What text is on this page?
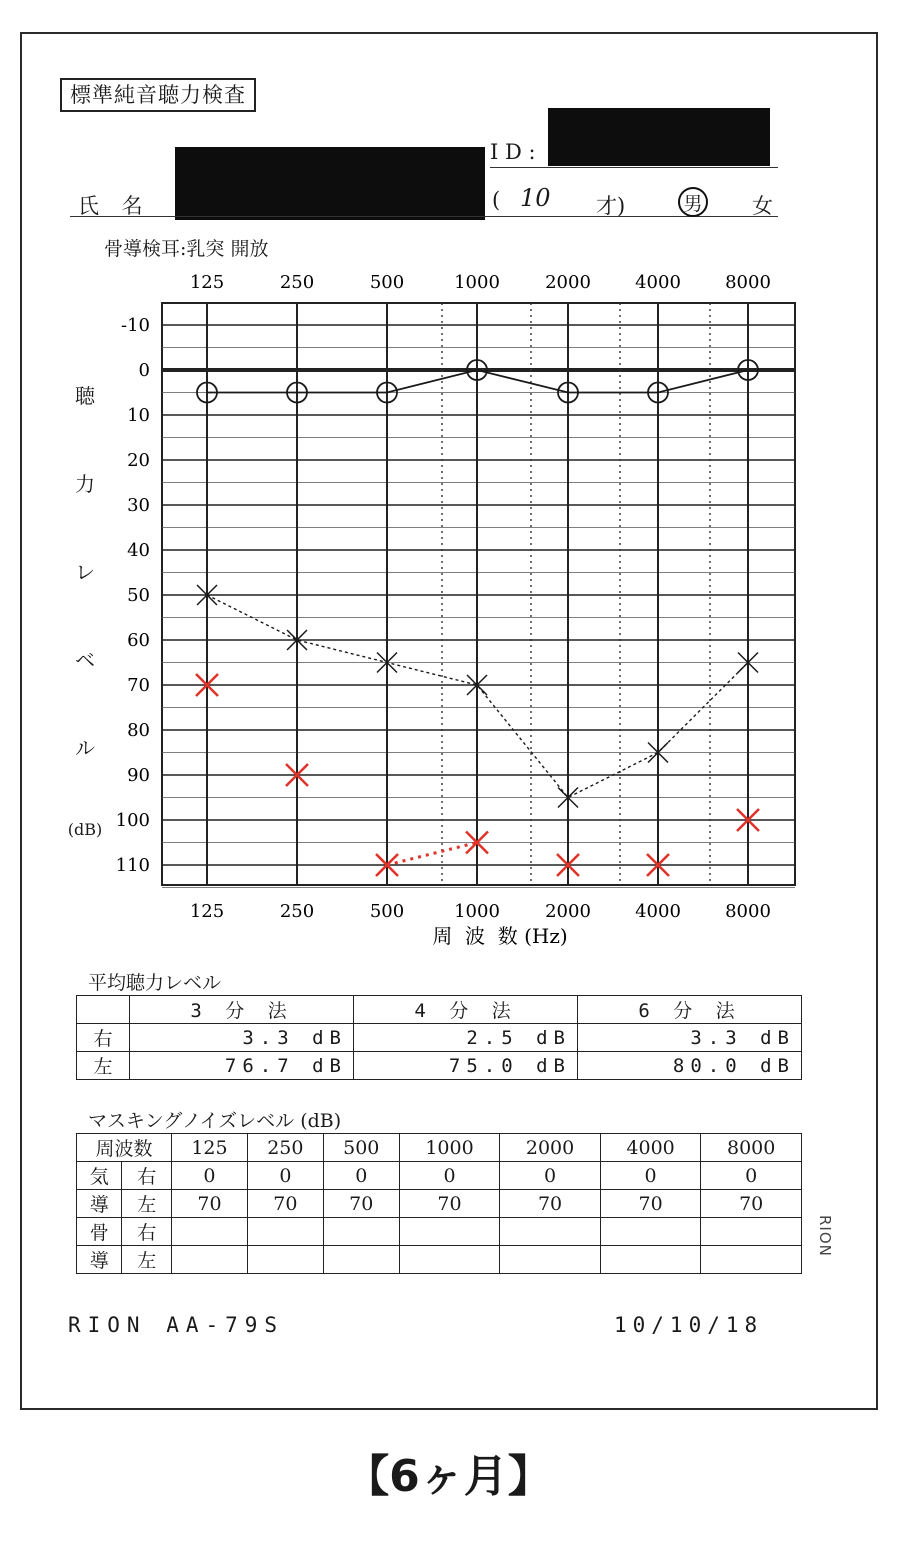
標準純音聴力検査
I D :
氏 名	( 10 才)	男 女
骨導検耳:乳突 開放
聴
力
レ
ベ
ル
(dB)
125
125
250
250
500
500
1000
1000
2000
2000
4000
4000
8000
8000
-10
0
10
20
30
40
50
60
70
80
90
100
110
周  波  数 (Hz)
平均聴力レベル
	3 分 法	4 分 法	6 分 法
右	3.3 dB	2.5 dB	3.3 dB
左	76.7 dB	75.0 dB	80.0 dB
マスキングノイズレベル (dB)
周波数		125	250	500	1000	2000	4000	8000
気	右	0	0	0	0	0	0	0
導	左	70	70	70	70	70	70	70
骨	右							
導	左							
RION
RION AA-79S	10/10/18
【6ヶ月】
